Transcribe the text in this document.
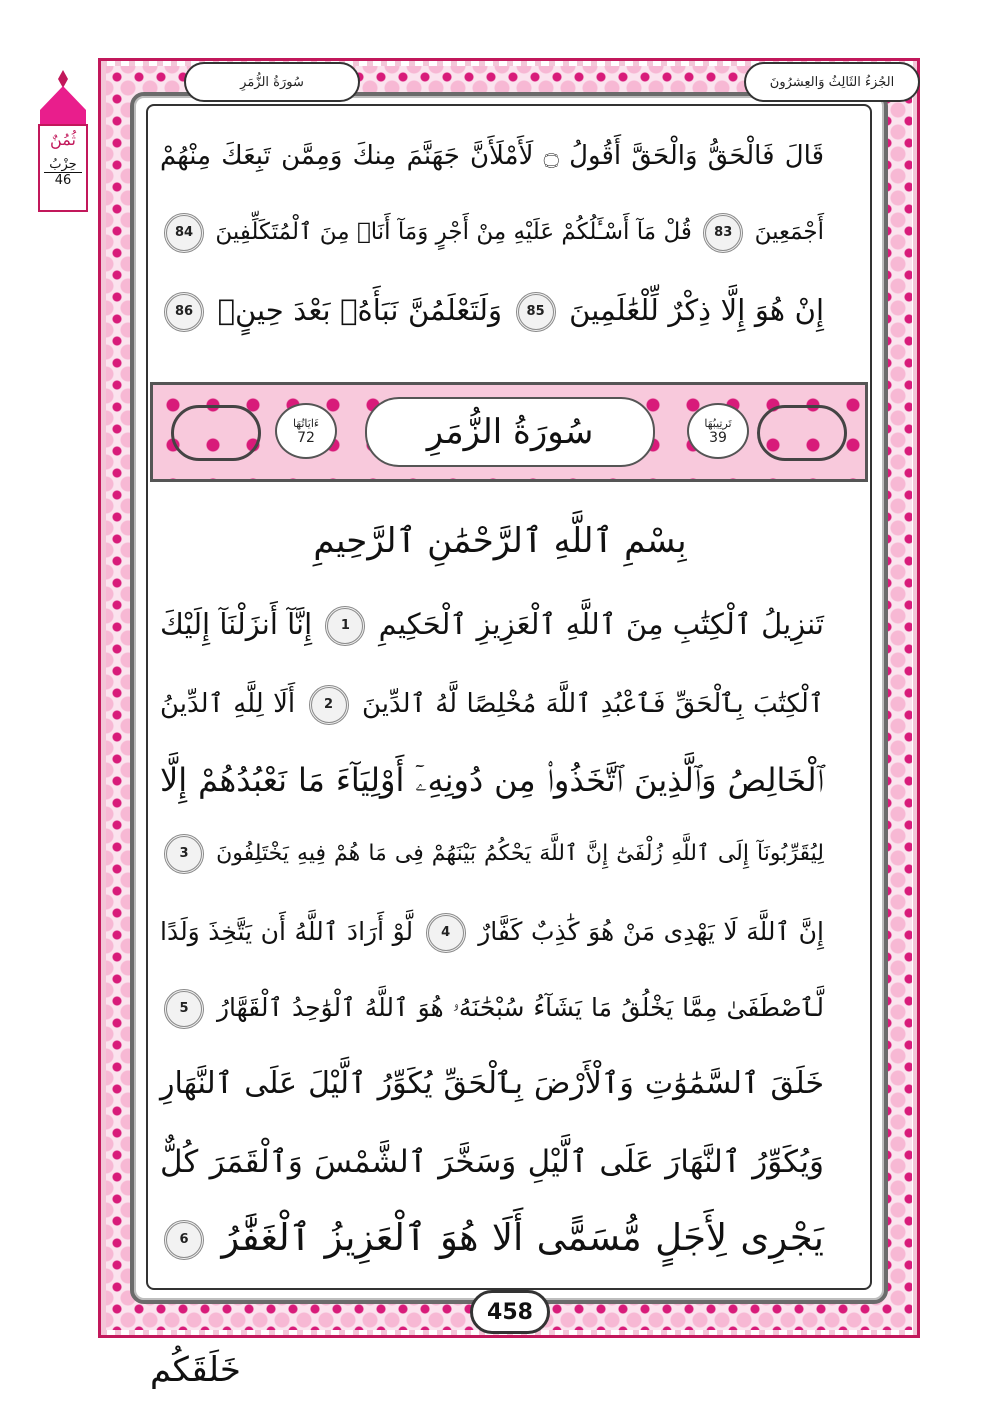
سُورَةُ الزُّمَرِ	الجُزءُ الثَالِثُ وَالعِشرُونَ
ثُمُنٌ
حِزْبُ
46
قَالَ فَالْحَقُّ وَالْحَقَّ أَقُولُ ۝ لَأَمْلَأَنَّ جَهَنَّمَ مِنكَ وَمِمَّن تَبِعَكَ مِنْهُمْ
أَجْمَعِينَ 83 قُلْ مَآ أَسْـَٔلُكُمْ عَلَيْهِ مِنْ أَجْرٍ وَمَآ أَنَا۠ مِنَ ٱلْمُتَكَلِّفِينَ 84
إِنْ هُوَ إِلَّا ذِكْرٌ لِّلْعَٰلَمِينَ 85 وَلَتَعْلَمُنَّ نَبَأَهُۥ بَعْدَ حِينٍۭ 86
ءَايَاتُهَا
72	سُورَةُ الزُّمَرِ	تَرتِيبُهَا
39
بِسْمِ ٱللَّهِ ٱلرَّحْمَٰنِ ٱلرَّحِيمِ
تَنزِيلُ ٱلْكِتَٰبِ مِنَ ٱللَّهِ ٱلْعَزِيزِ ٱلْحَكِيمِ 1 إِنَّآ أَنزَلْنَآ إِلَيْكَ
ٱلْكِتَٰبَ بِٱلْحَقِّ فَٱعْبُدِ ٱللَّهَ مُخْلِصًا لَّهُ ٱلدِّينَ 2 أَلَا لِلَّهِ ٱلدِّينُ
ٱلْخَالِصُ وَٱلَّذِينَ ٱتَّخَذُوا۟ مِن دُونِهِۦٓ أَوْلِيَآءَ مَا نَعْبُدُهُمْ إِلَّا
لِيُقَرِّبُونَآ إِلَى ٱللَّهِ زُلْفَىٰٓ إِنَّ ٱللَّهَ يَحْكُمُ بَيْنَهُمْ فِى مَا هُمْ فِيهِ يَخْتَلِفُونَ 3
إِنَّ ٱللَّهَ لَا يَهْدِى مَنْ هُوَ كَٰذِبٌ كَفَّارٌ 4 لَّوْ أَرَادَ ٱللَّهُ أَن يَتَّخِذَ وَلَدًا
لَّٱصْطَفَىٰ مِمَّا يَخْلُقُ مَا يَشَآءُ سُبْحَٰنَهُۥ هُوَ ٱللَّهُ ٱلْوَٰحِدُ ٱلْقَهَّارُ 5
خَلَقَ ٱلسَّمَٰوَٰتِ وَٱلْأَرْضَ بِٱلْحَقِّ يُكَوِّرُ ٱلَّيْلَ عَلَى ٱلنَّهَارِ
وَيُكَوِّرُ ٱلنَّهَارَ عَلَى ٱلَّيْلِ وَسَخَّرَ ٱلشَّمْسَ وَٱلْقَمَرَ كُلٌّ
يَجْرِى لِأَجَلٍ مُّسَمًّى أَلَا هُوَ ٱلْعَزِيزُ ٱلْغَفَّٰرُ 6
458
خَلَقَكُم
